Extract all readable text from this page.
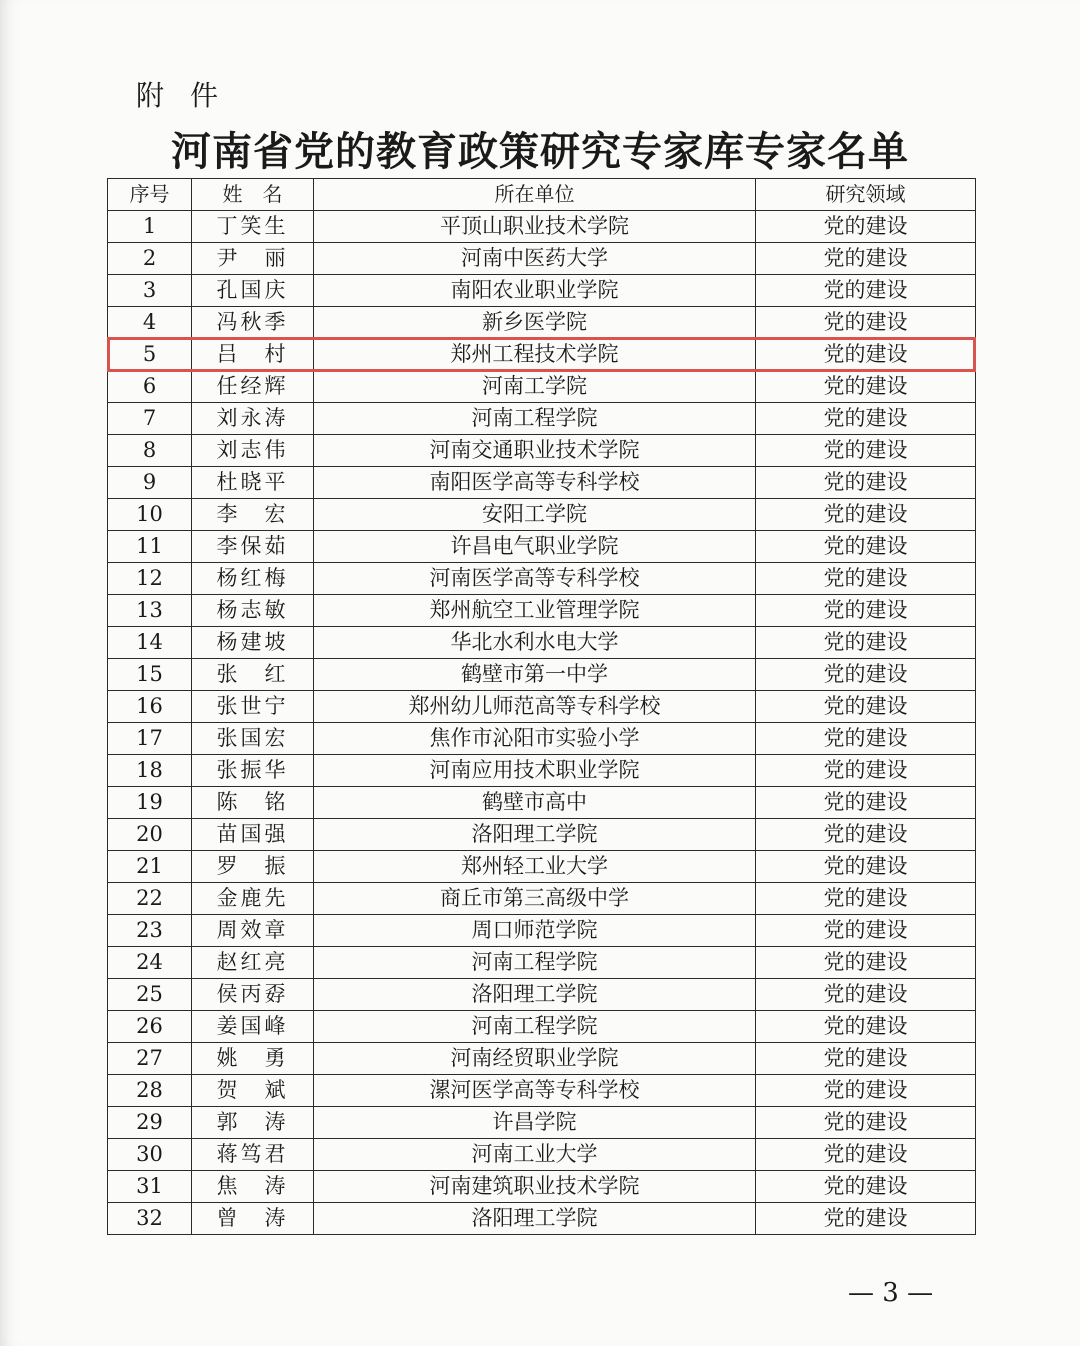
附件
河南省党的教育政策研究专家库专家名单
序号	姓　名	所在单位	研究领域
1	丁笑生	平顶山职业技术学院	党的建设
2	尹　丽	河南中医药大学	党的建设
3	孔国庆	南阳农业职业学院	党的建设
4	冯秋季	新乡医学院	党的建设
5	吕　村	郑州工程技术学院	党的建设
6	任经辉	河南工学院	党的建设
7	刘永涛	河南工程学院	党的建设
8	刘志伟	河南交通职业技术学院	党的建设
9	杜晓平	南阳医学高等专科学校	党的建设
10	李　宏	安阳工学院	党的建设
11	李保茹	许昌电气职业学院	党的建设
12	杨红梅	河南医学高等专科学校	党的建设
13	杨志敏	郑州航空工业管理学院	党的建设
14	杨建坡	华北水利水电大学	党的建设
15	张　红	鹤壁市第一中学	党的建设
16	张世宁	郑州幼儿师范高等专科学校	党的建设
17	张国宏	焦作市沁阳市实验小学	党的建设
18	张振华	河南应用技术职业学院	党的建设
19	陈　铭	鹤壁市高中	党的建设
20	苗国强	洛阳理工学院	党的建设
21	罗　振	郑州轻工业大学	党的建设
22	金鹿先	商丘市第三高级中学	党的建设
23	周效章	周口师范学院	党的建设
24	赵红亮	河南工程学院	党的建设
25	侯丙孬	洛阳理工学院	党的建设
26	姜国峰	河南工程学院	党的建设
27	姚　勇	河南经贸职业学院	党的建设
28	贺　斌	漯河医学高等专科学校	党的建设
29	郭　涛	许昌学院	党的建设
30	蒋笃君	河南工业大学	党的建设
31	焦　涛	河南建筑职业技术学院	党的建设
32	曾　涛	洛阳理工学院	党的建设
— 3 —
